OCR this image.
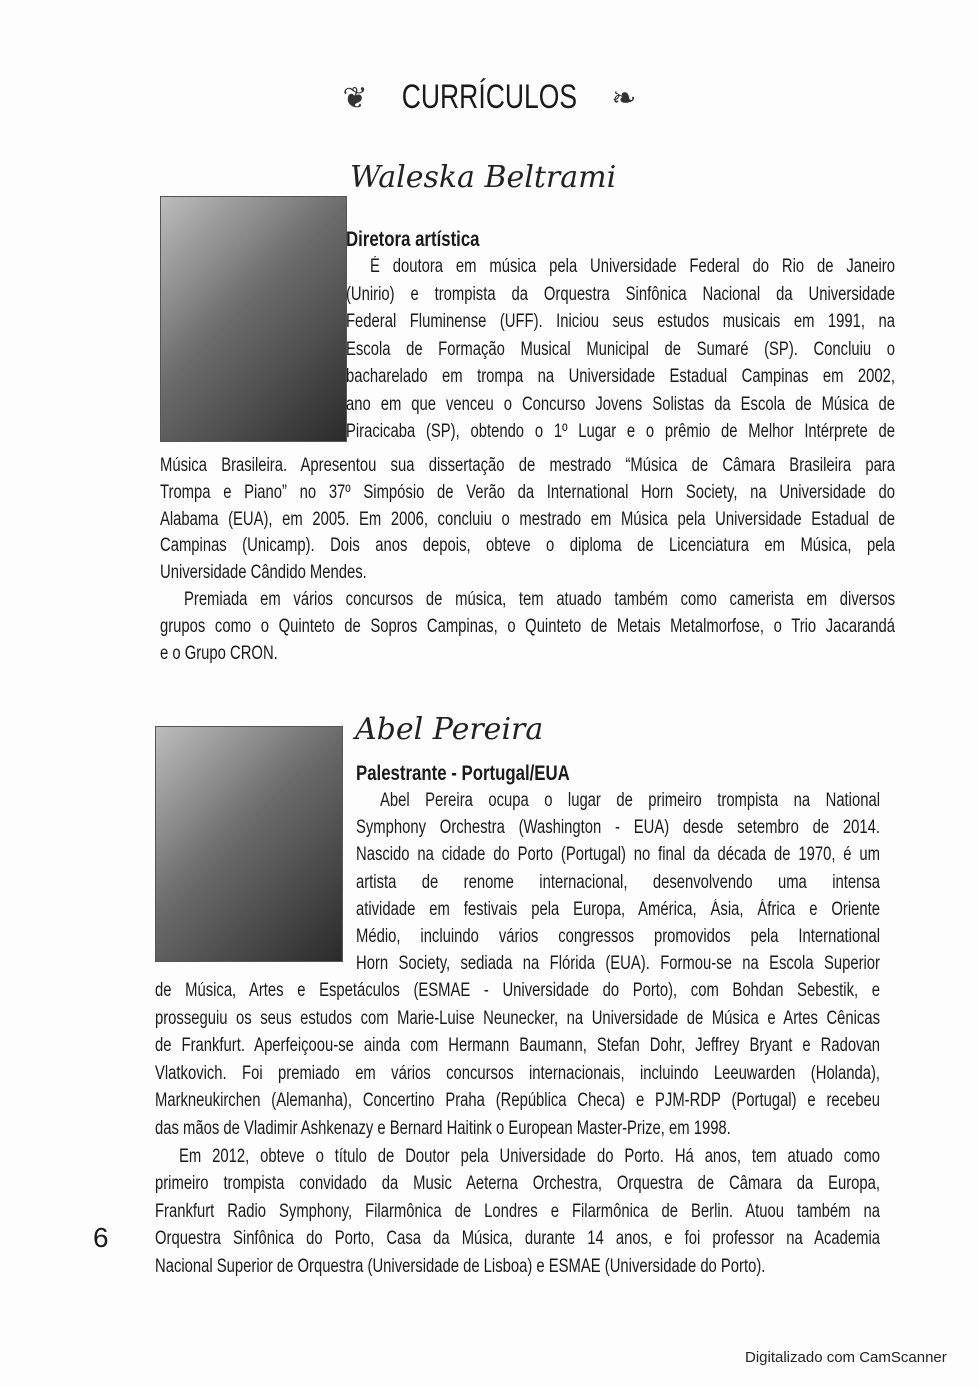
❦ CURRÍCULOS ❧
Waleska Beltrami
Diretora artística
É doutora em música pela Universidade Federal do Rio de Janeiro
(Unirio) e trompista da Orquestra Sinfônica Nacional da Universidade
Federal Fluminense (UFF). Iniciou seus estudos musicais em 1991, na
Escola de Formação Musical Municipal de Sumaré (SP). Concluiu o
bacharelado em trompa na Universidade Estadual Campinas em 2002,
ano em que venceu o Concurso Jovens Solistas da Escola de Música de
Piracicaba (SP), obtendo o 1º Lugar e o prêmio de Melhor Intérprete de
Música Brasileira. Apresentou sua dissertação de mestrado “Música de Câmara Brasileira para
Trompa e Piano” no 37º Simpósio de Verão da International Horn Society, na Universidade do
Alabama (EUA), em 2005. Em 2006, concluiu o mestrado em Música pela Universidade Estadual de
Campinas (Unicamp). Dois anos depois, obteve o diploma de Licenciatura em Música, pela
Universidade Cândido Mendes.
Premiada em vários concursos de música, tem atuado também como camerista em diversos
grupos como o Quinteto de Sopros Campinas, o Quinteto de Metais Metalmorfose, o Trio Jacarandá
e o Grupo CRON.
Abel Pereira
Palestrante - Portugal/EUA
Abel Pereira ocupa o lugar de primeiro trompista na National
Symphony Orchestra (Washington - EUA) desde setembro de 2014.
Nascido na cidade do Porto (Portugal) no final da década de 1970, é um
artista de renome internacional, desenvolvendo uma intensa
atividade em festivais pela Europa, América, Ásia, África e Oriente
Médio, incluindo vários congressos promovidos pela International
Horn Society, sediada na Flórida (EUA). Formou-se na Escola Superior
de Música, Artes e Espetáculos (ESMAE - Universidade do Porto), com Bohdan Sebestik, e
prosseguiu os seus estudos com Marie-Luise Neunecker, na Universidade de Música e Artes Cênicas
de Frankfurt. Aperfeiçoou-se ainda com Hermann Baumann, Stefan Dohr, Jeffrey Bryant e Radovan
Vlatkovich. Foi premiado em vários concursos internacionais, incluindo Leeuwarden (Holanda),
Markneukirchen (Alemanha), Concertino Praha (República Checa) e PJM-RDP (Portugal) e recebeu
das mãos de Vladimir Ashkenazy e Bernard Haitink o European Master-Prize, em 1998.
Em 2012, obteve o título de Doutor pela Universidade do Porto. Há anos, tem atuado como
primeiro trompista convidado da Music Aeterna Orchestra, Orquestra de Câmara da Europa,
Frankfurt Radio Symphony, Filarmônica de Londres e Filarmônica de Berlin. Atuou também na
Orquestra Sinfônica do Porto, Casa da Música, durante 14 anos, e foi professor na Academia
Nacional Superior de Orquestra (Universidade de Lisboa) e ESMAE (Universidade do Porto).
6
Digitalizado com CamScanner
